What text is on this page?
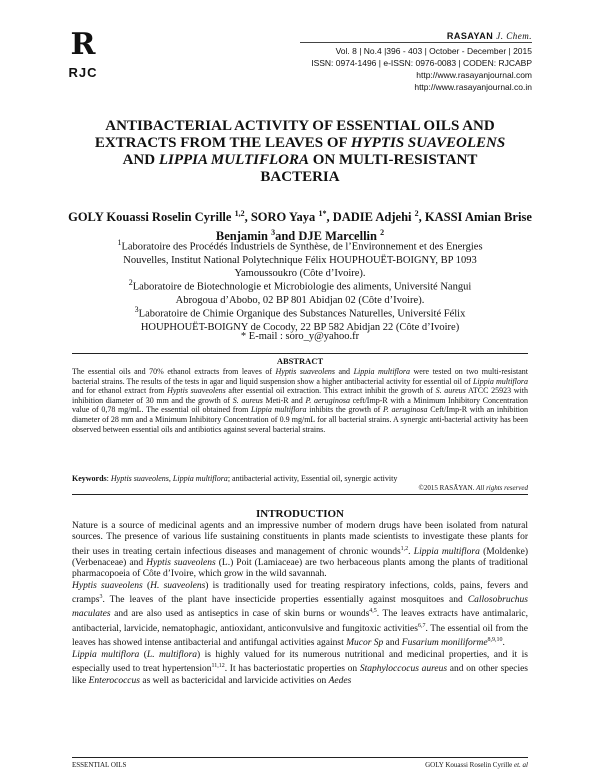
R
RJC
RASAYAN J. Chem.
Vol. 8 | No.4 |396 - 403 | October - December | 2015
ISSN: 0974-1496 | e-ISSN: 0976-0083 | CODEN: RJCABP
http://www.rasayanjournal.com
http://www.rasayanjournal.co.in
ANTIBACTERIAL ACTIVITY OF ESSENTIAL OILS AND
EXTRACTS FROM THE LEAVES OF HYPTIS SUAVEOLENS
AND LIPPIA MULTIFLORA ON MULTI-RESISTANT
BACTERIA
GOLY Kouassi Roselin Cyrille $^{1,2}$, SORO Yaya $^{1*}$, DADIE Adjehi $^2$, KASSI Amian Brise Benjamin $^3$and DJE Marcellin $^2$
$^1$Laboratoire des Procédés Industriels de Synthèse, de l’Environnement et des Energies Nouvelles, Institut National Polytechnique Félix HOUPHOUËT-BOIGNY, BP 1093 Yamoussoukro (Côte d’Ivoire).
$^2$Laboratoire de Biotechnologie et Microbiologie des aliments, Université Nangui Abrogoua d’Abobo, 02 BP 801 Abidjan 02 (Côte d’Ivoire).
$^3$Laboratoire de Chimie Organique des Substances Naturelles, Université Félix HOUPHOUËT-BOIGNY de Cocody, 22 BP 582 Abidjan 22 (Côte d’Ivoire)
* E-mail : soro_y@yahoo.fr
ABSTRACT
The essential oils and 70% ethanol extracts from leaves of Hyptis suaveolens and Lippia multiflora were tested on two multi-resistant bacterial strains. The results of the tests in agar and liquid suspension show a higher antibacterial activity for essential oil of Lippia multiflora and for ethanol extract from Hyptis suaveolens after essential oil extraction. This extract inhibit the growth of S. aureus ATCC 25923 with inhibition diameter of 30 mm and the growth of S. aureus Meti-R and P. aeruginosa ceft/Imp-R with a Minimum Inhibitory Concentration value of 0,78 mg/mL. The essential oil obtained from Lippia multiflora inhibits the growth of P. aeruginosa Ceft/Imp-R with an inhibition diameter of 28 mm and a Minimum Inhibitory Concentration of 0.9 mg/mL for all bacterial strains. A synergic anti-bacterial activity has been observed between essential oils and antibiotics against several bacterial strains.
Keywords: Hyptis suaveolens, Lippia multiflora; antibacterial activity, Essential oil, synergic activity
©2015 RASĀYAN. All rights reserved
INTRODUCTION

Nature is a source of medicinal agents and an impressive number of modern drugs have been isolated from natural sources. The presence of various life sustaining constituents in plants made scientists to investigate these plants for their uses in treating certain infectious diseases and management of chronic wounds$^{1,2}$. Lippia multiflora (Moldenke) (Verbenaceae) and Hyptis suaveolens (L.) Poit (Lamiaceae) are two herbaceous plants among the plants of traditional pharmacopoeia of Côte d’Ivoire, which grow in the wild savannah.

Hyptis suaveolens (H. suaveolens) is traditionally used for treating respiratory infections, colds, pains, fevers and cramps$^3$. The leaves of the plant have insecticide properties essentially against mosquitoes and Callosobruchus maculates and are also used as antiseptics in case of skin burns or wounds$^{4,5}$. The leaves extracts have antimalaric, antibacterial, larvicide, nematophagic, antioxidant, anticonvulsive and fungitoxic activities$^{6,7}$. The essential oil from the leaves has showed intense antibacterial and antifungal activities against Mucor Sp and Fusarium moniliforme$^{8,9,10}$.

Lippia multiflora (L. multiflora) is highly valued for its numerous nutritional and medicinal properties, and it is especially used to treat hypertension$^{11,12}$. It has bacteriostatic properties on Staphyloccocus aureus and on other species like Enterococcus as well as bactericidal and larvicide activities on Aedes

ESSENTIAL OILS	GOLY Kouassi Roselin Cyrille et. al
